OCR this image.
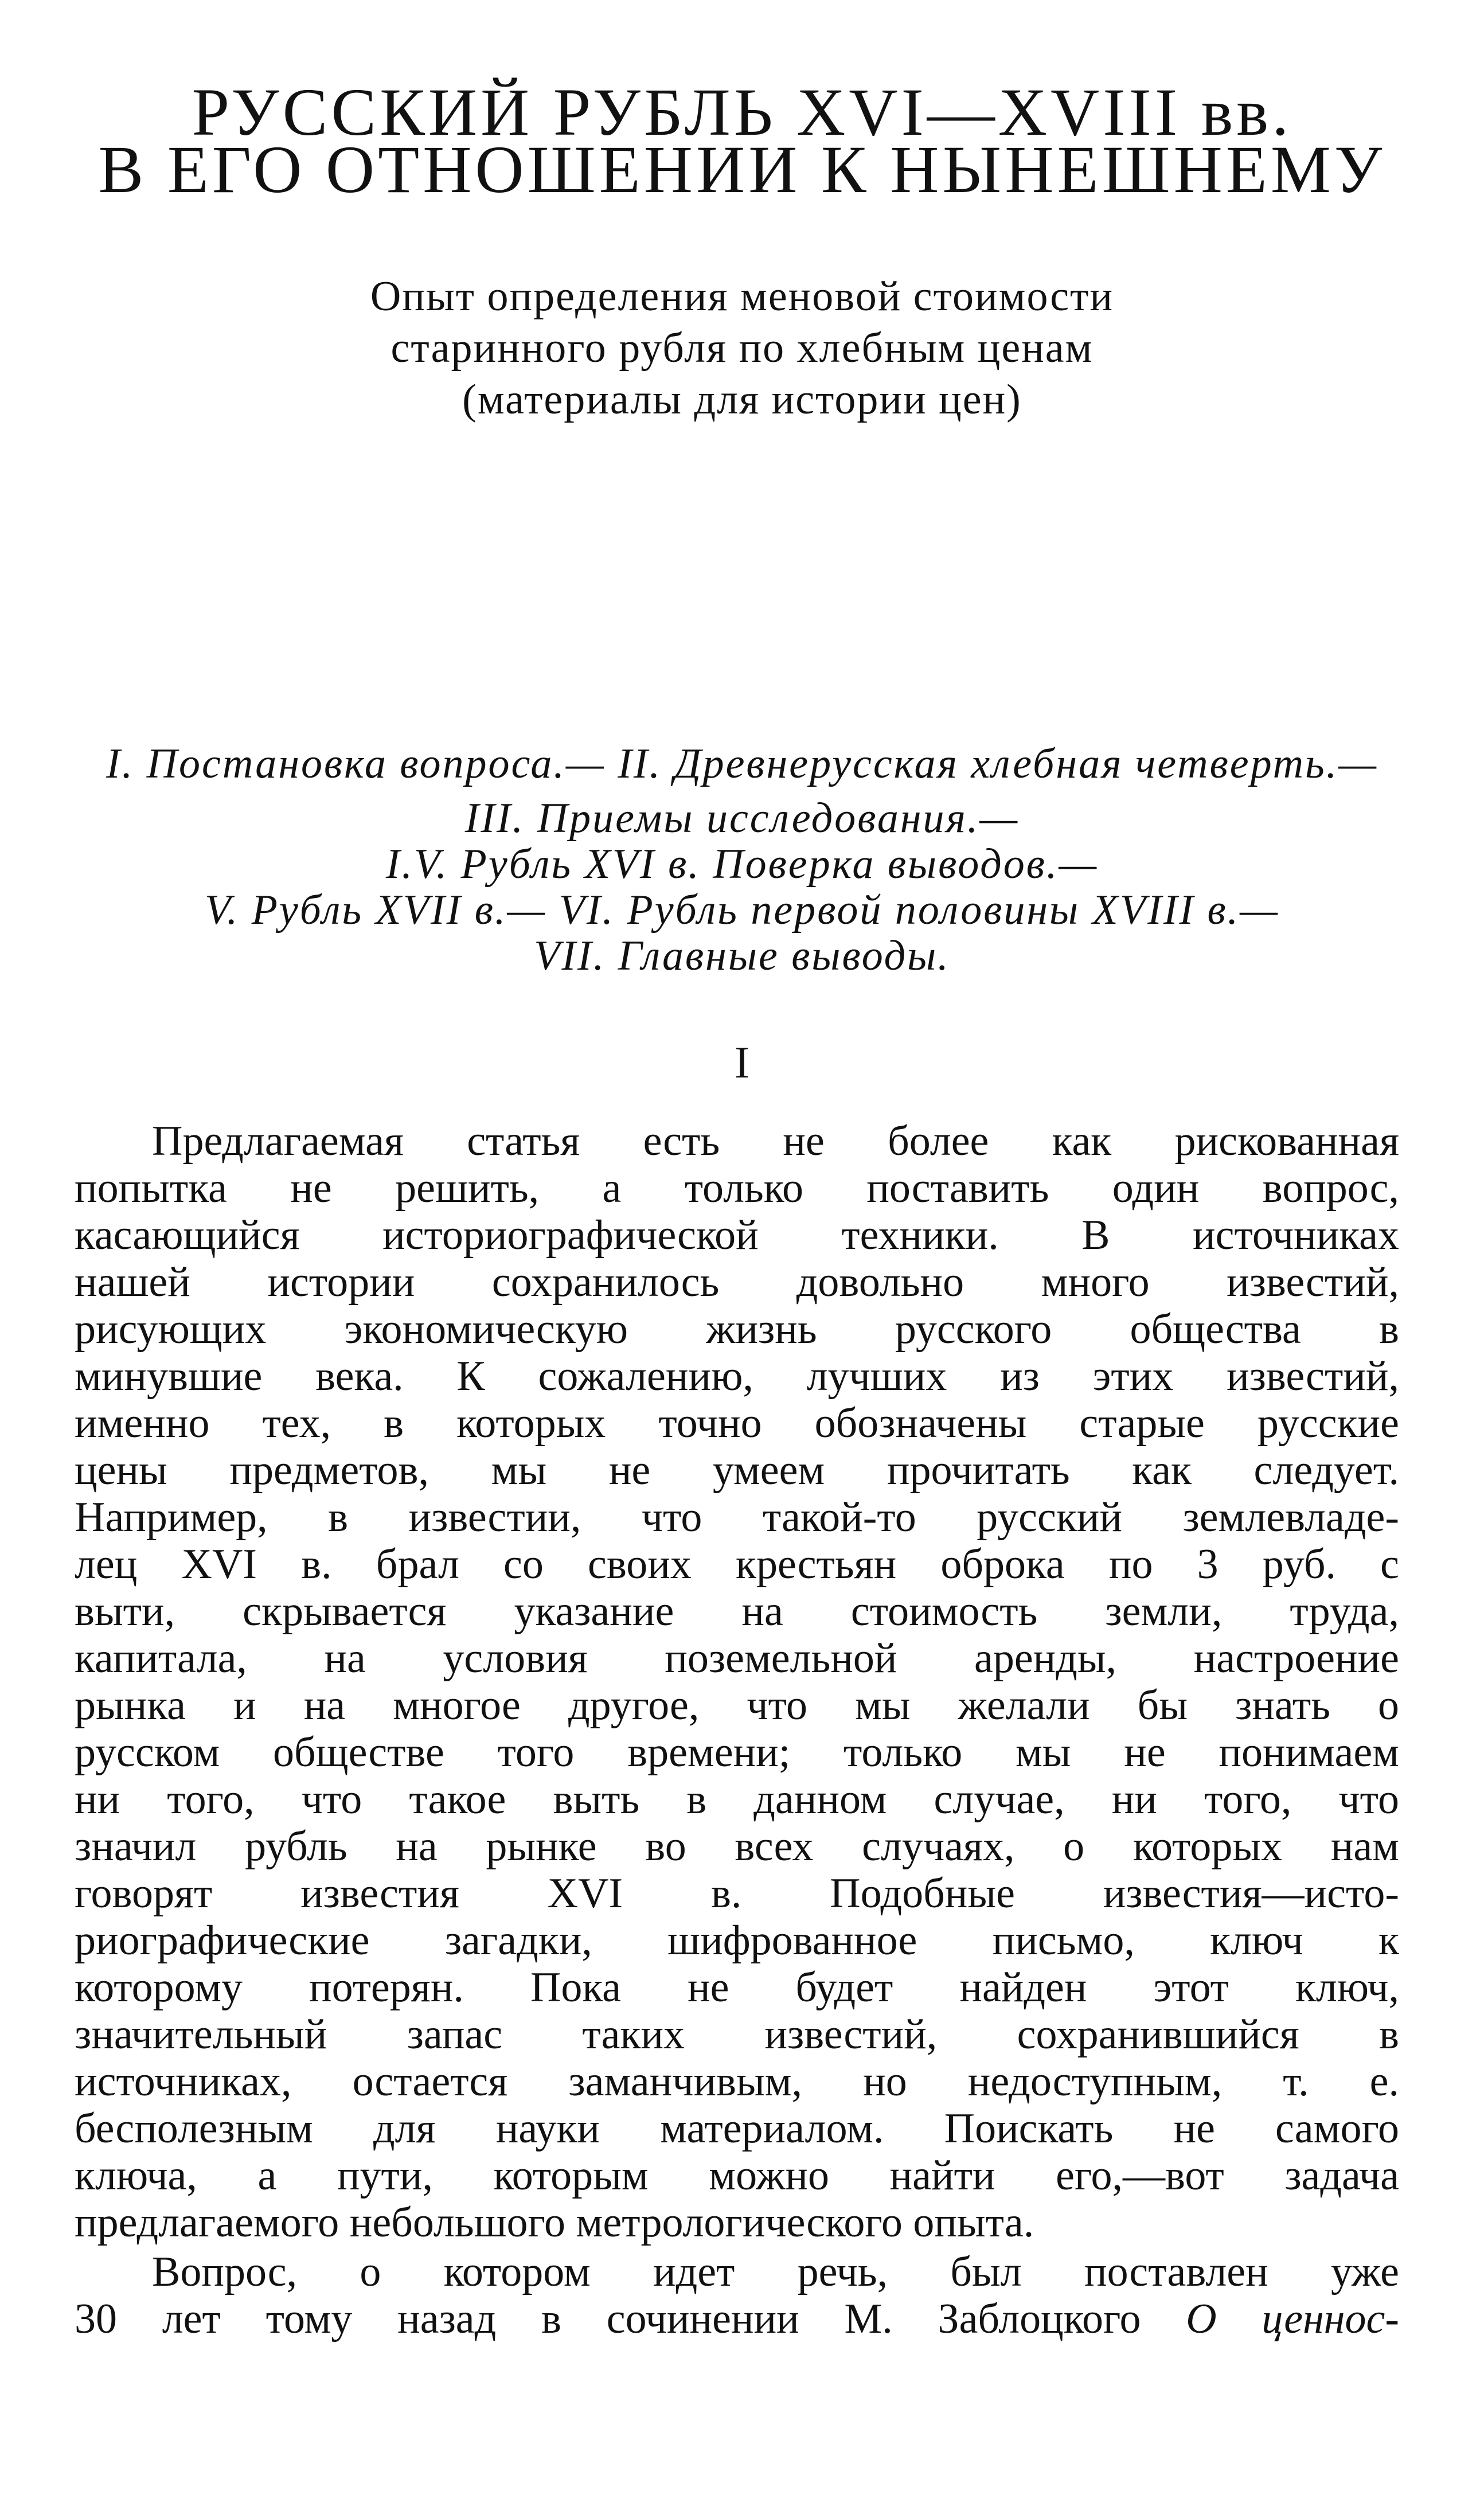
РУССКИЙ РУБЛЬ XVI—XVIII вв.
В ЕГО ОТНОШЕНИИ К НЫНЕШНЕМУ
Опыт определения меновой стоимости
старинного рубля по хлебным ценам
(материалы для истории цен)
I. Постановка вопроса.— II. Древнерусская хлебная четверть.—
III. Приемы исследования.—
I.V. Рубль XVI в. Поверка выводов.—
V. Рубль XVII в.— VI. Рубль первой половины XVIII в.—
VII. Главные выводы.
I
Предлагаемая статья есть не более как рискованная
попытка не решить, а только поставить один вопрос,
касающийся историографической техники. В источниках
нашей истории сохранилось довольно много известий,
рисующих экономическую жизнь русского общества в
минувшие века. К сожалению, лучших из этих известий,
именно тех, в которых точно обозначены старые русские
цены предметов, мы не умеем прочитать как следует.
Например, в известии, что такой-то русский землевладе-
лец XVI в. брал со своих крестьян оброка по 3 руб. с
выти, скрывается указание на стоимость земли, труда,
капитала, на условия поземельной аренды, настроение
рынка и на многое другое, что мы желали бы знать о
русском обществе того времени; только мы не понимаем
ни того, что такое выть в данном случае, ни того, что
значил рубль на рынке во всех случаях, о которых нам
говорят известия XVI в. Подобные известия—исто-
риографические загадки, шифрованное письмо, ключ к
которому потерян. Пока не будет найден этот ключ,
значительный запас таких известий, сохранившийся в
источниках, остается заманчивым, но недоступным, т. е.
бесполезным для науки материалом. Поискать не самого
ключа, а пути, которым можно найти его,—вот задача
предлагаемого небольшого метрологического опыта.
Вопрос, о котором идет речь, был поставлен уже
30 лет тому назад в сочинении М. Заблоцкого О ценнос-
